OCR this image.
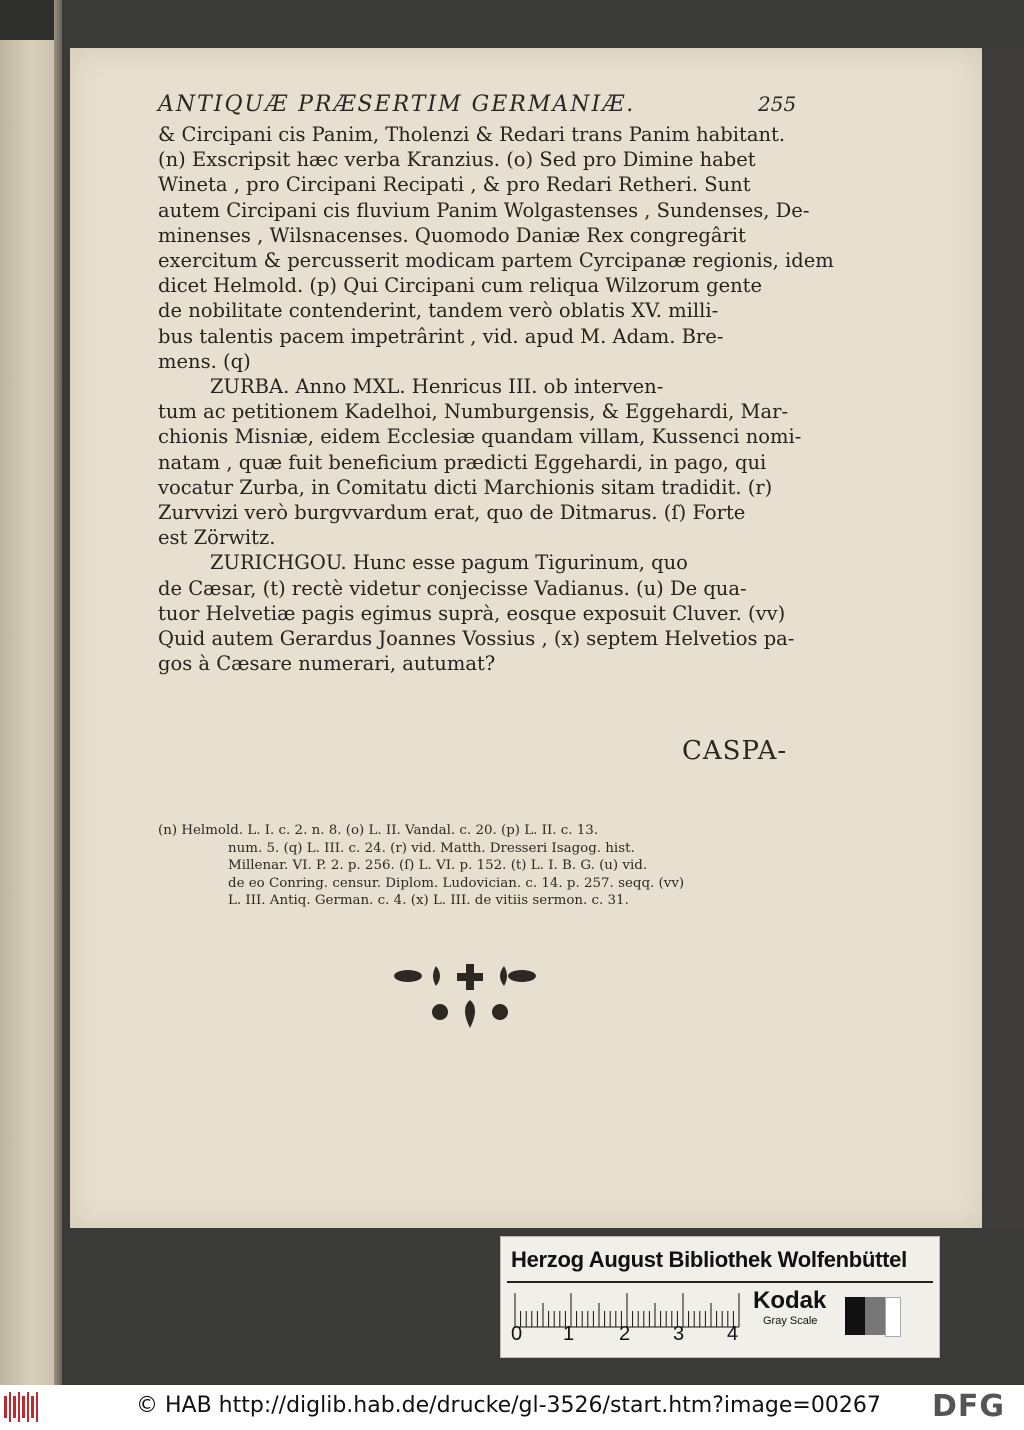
ANTIQUÆ PRÆSERTIM GERMANIÆ.	255

& Circipani cis Panim, Tholenzi & Redari trans Panim habitant.
(n) Exscripsit hæc verba Kranzius. (o) Sed pro Dimine habet
Wineta , pro Circipani Recipati , & pro Redari Retheri. Sunt
autem Circipani cis fluvium Panim Wolgastenses , Sundenses, De-
minenses , Wilsnacenses. Quomodo Daniæ Rex congregârit
exercitum & percusserit modicam partem Cyrcipanæ regionis, idem
dicet Helmold. (p) Qui Circipani cum reliqua Wilzorum gente
de nobilitate contenderint, tandem verò oblatis XV. milli-
bus talentis pacem impetrârint , vid. apud M. Adam. Bre-
mens. (q)

ZURBA. Anno MXL. Henricus III. ob interven-
tum ac petitionem Kadelhoi, Numburgensis, & Eggehardi, Mar-
chionis Misniæ, eidem Ecclesiæ quandam villam, Kussenci nomi-
natam , quæ fuit beneficium prædicti Eggehardi, in pago, qui
vocatur Zurba, in Comitatu dicti Marchionis sitam tradidit. (r)
Zurvvizi verò burgvvardum erat, quo de Ditmarus. (ſ) Forte
est Zörwitz.

ZURICHGOU. Hunc esse pagum Tigurinum, quo
de Cæsar, (t) rectè videtur conjecisse Vadianus. (u) De qua-
tuor Helvetiæ pagis egimus suprà, eosque exposuit Cluver. (vv)
Quid autem Gerardus Joannes Vossius , (x) septem Helvetios pa-
gos à Cæsare numerari, autumat?

CASPA-
(n) Helmold. L. I. c. 2. n. 8. (o) L. II. Vandal. c. 20. (p) L. II. c. 13.
num. 5. (q) L. III. c. 24. (r) vid. Matth. Dresseri Isagog. hist.
Millenar. VI. P. 2. p. 256. (ſ) L. VI. p. 152. (t) L. I. B. G. (u) vid.
de eo Conring. censur. Diplom. Ludovician. c. 14. p. 257. seqq. (vv)
L. III. Antiq. German. c. 4. (x) L. III. de vitiis sermon. c. 31.
Herzog August Bibliothek Wolfenbüttel
0 1 2 3 4
Kodak
Gray Scale
© HAB http://diglib.hab.de/drucke/gl-3526/start.htm?image=00267 DFG
